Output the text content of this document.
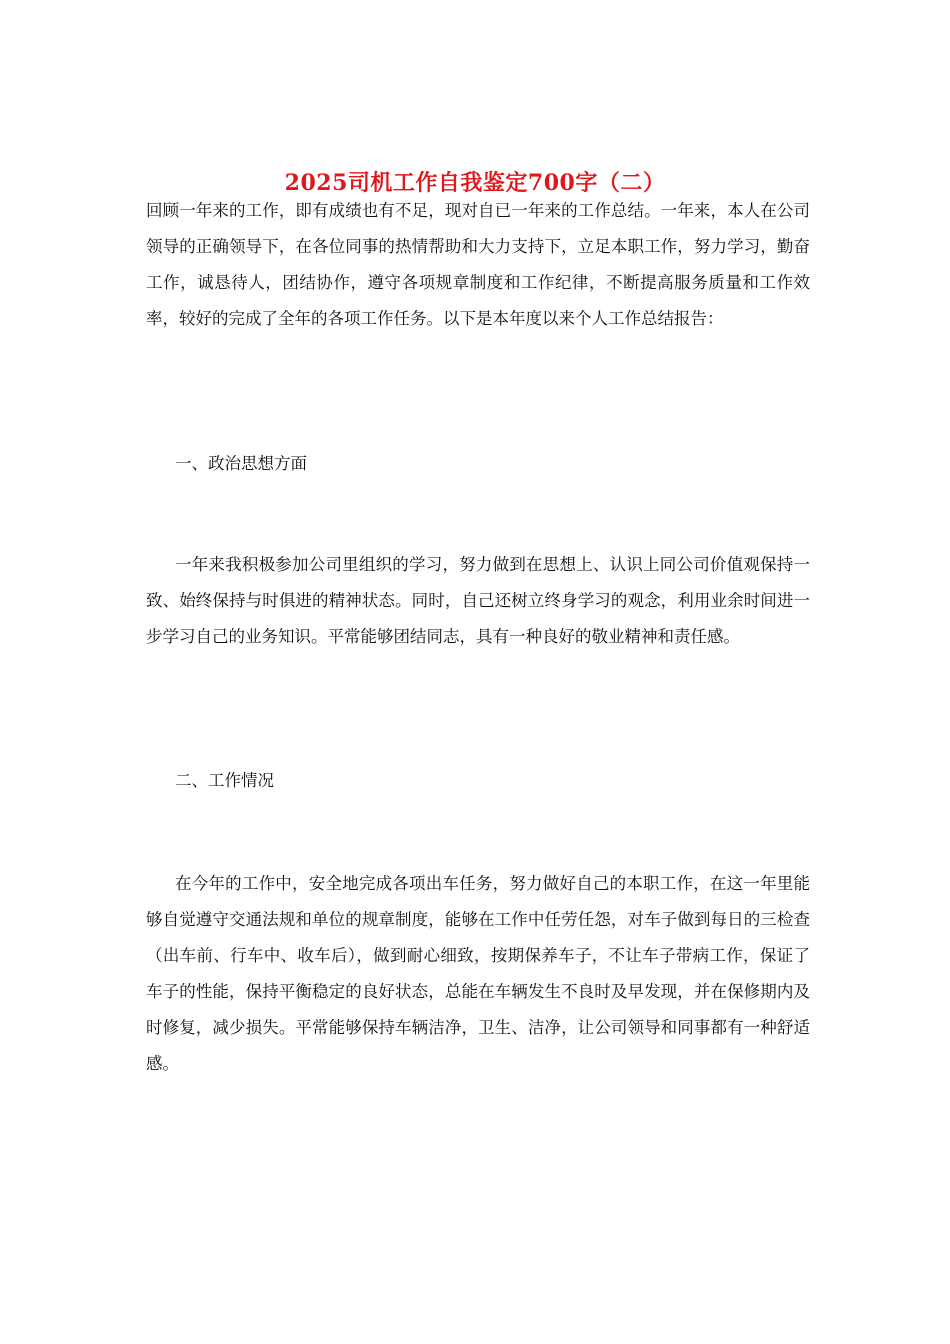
2025司机工作自我鉴定700字（二）

回顾一年来的工作，即有成绩也有不足，现对自已一年来的工作总结。一年来，本人在公司领导的正确领导下，在各位同事的热情帮助和大力支持下，立足本职工作，努力学习，勤奋工作，诚恳待人，团结协作，遵守各项规章制度和工作纪律，不断提高服务质量和工作效率，较好的完成了全年的各项工作任务。以下是本年度以来个人工作总结报告：

一、政治思想方面

一年来我积极参加公司里组织的学习，努力做到在思想上、认识上同公司价值观保持一致、始终保持与时俱进的精神状态。同时，自己还树立终身学习的观念，利用业余时间进一步学习自己的业务知识。平常能够团结同志，具有一种良好的敬业精神和责任感。

二、工作情况

在今年的工作中，安全地完成各项出车任务，努力做好自己的本职工作，在这一年里能够自觉遵守交通法规和单位的规章制度，能够在工作中任劳任怨，对车子做到每日的三检查（出车前、行车中、收车后），做到耐心细致，按期保养车子，不让车子带病工作，保证了车子的性能，保持平衡稳定的良好状态，总能在车辆发生不良时及早发现，并在保修期内及时修复，减少损失。平常能够保持车辆洁净，卫生、洁净，让公司领导和同事都有一种舒适感。
